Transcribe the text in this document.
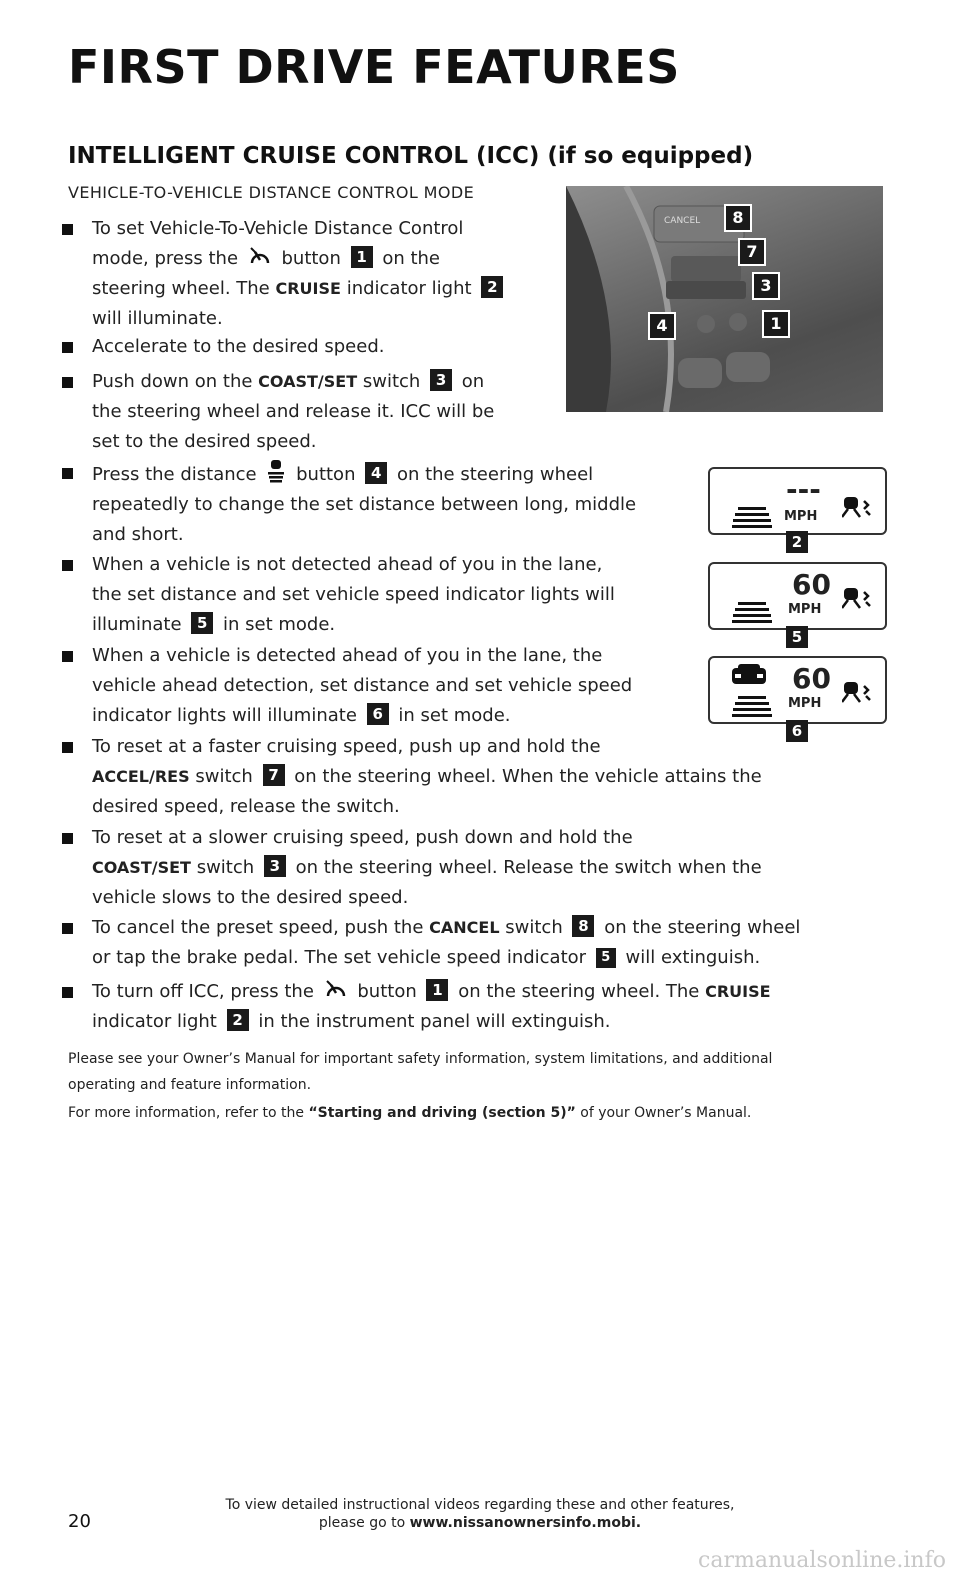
FIRST DRIVE FEATURES
INTELLIGENT CRUISE CONTROL (ICC) (if so equipped)
VEHICLE-TO-VEHICLE DISTANCE CONTROL MODE
CANCEL	8
7
3
4	1
To set Vehicle-To-Vehicle Distance Control
mode, press the button 1 on the
steering wheel. The CRUISE indicator light 2
will illuminate.
Accelerate to the desired speed.
Push down on the COAST/SET switch 3 on
the steering wheel and release it. ICC will be
set to the desired speed.
Press the distance button 4 on the steering wheel
repeatedly to change the set distance between long, middle
and short.
When a vehicle is not detected ahead of you in the lane,
the set distance and set vehicle speed indicator lights will
illuminate 5 in set mode.
When a vehicle is detected ahead of you in the lane, the
vehicle ahead detection, set distance and set vehicle speed
indicator lights will illuminate 6 in set mode.
To reset at a faster cruising speed, push up and hold the
ACCEL/RES switch 7 on the steering wheel. When the vehicle attains the
desired speed, release the switch.
To reset at a slower cruising speed, push down and hold the
COAST/SET switch 3 on the steering wheel. Release the switch when the
vehicle slows to the desired speed.
To cancel the preset speed, push the CANCEL switch 8 on the steering wheel
or tap the brake pedal. The set vehicle speed indicator 5 will extinguish.
To turn off ICC, press the button 1 on the steering wheel. The CRUISE
indicator light 2 in the instrument panel will extinguish.
---
MPH
2
60
MPH
5
60
MPH
6
Please see your Owner’s Manual for important safety information, system limitations, and additional
operating and feature information.
For more information, refer to the “Starting and driving (section 5)” of your Owner’s Manual.
20
To view detailed instructional videos regarding these and other features,
please go to www.nissanownersinfo.mobi.
carmanualsonline.info
